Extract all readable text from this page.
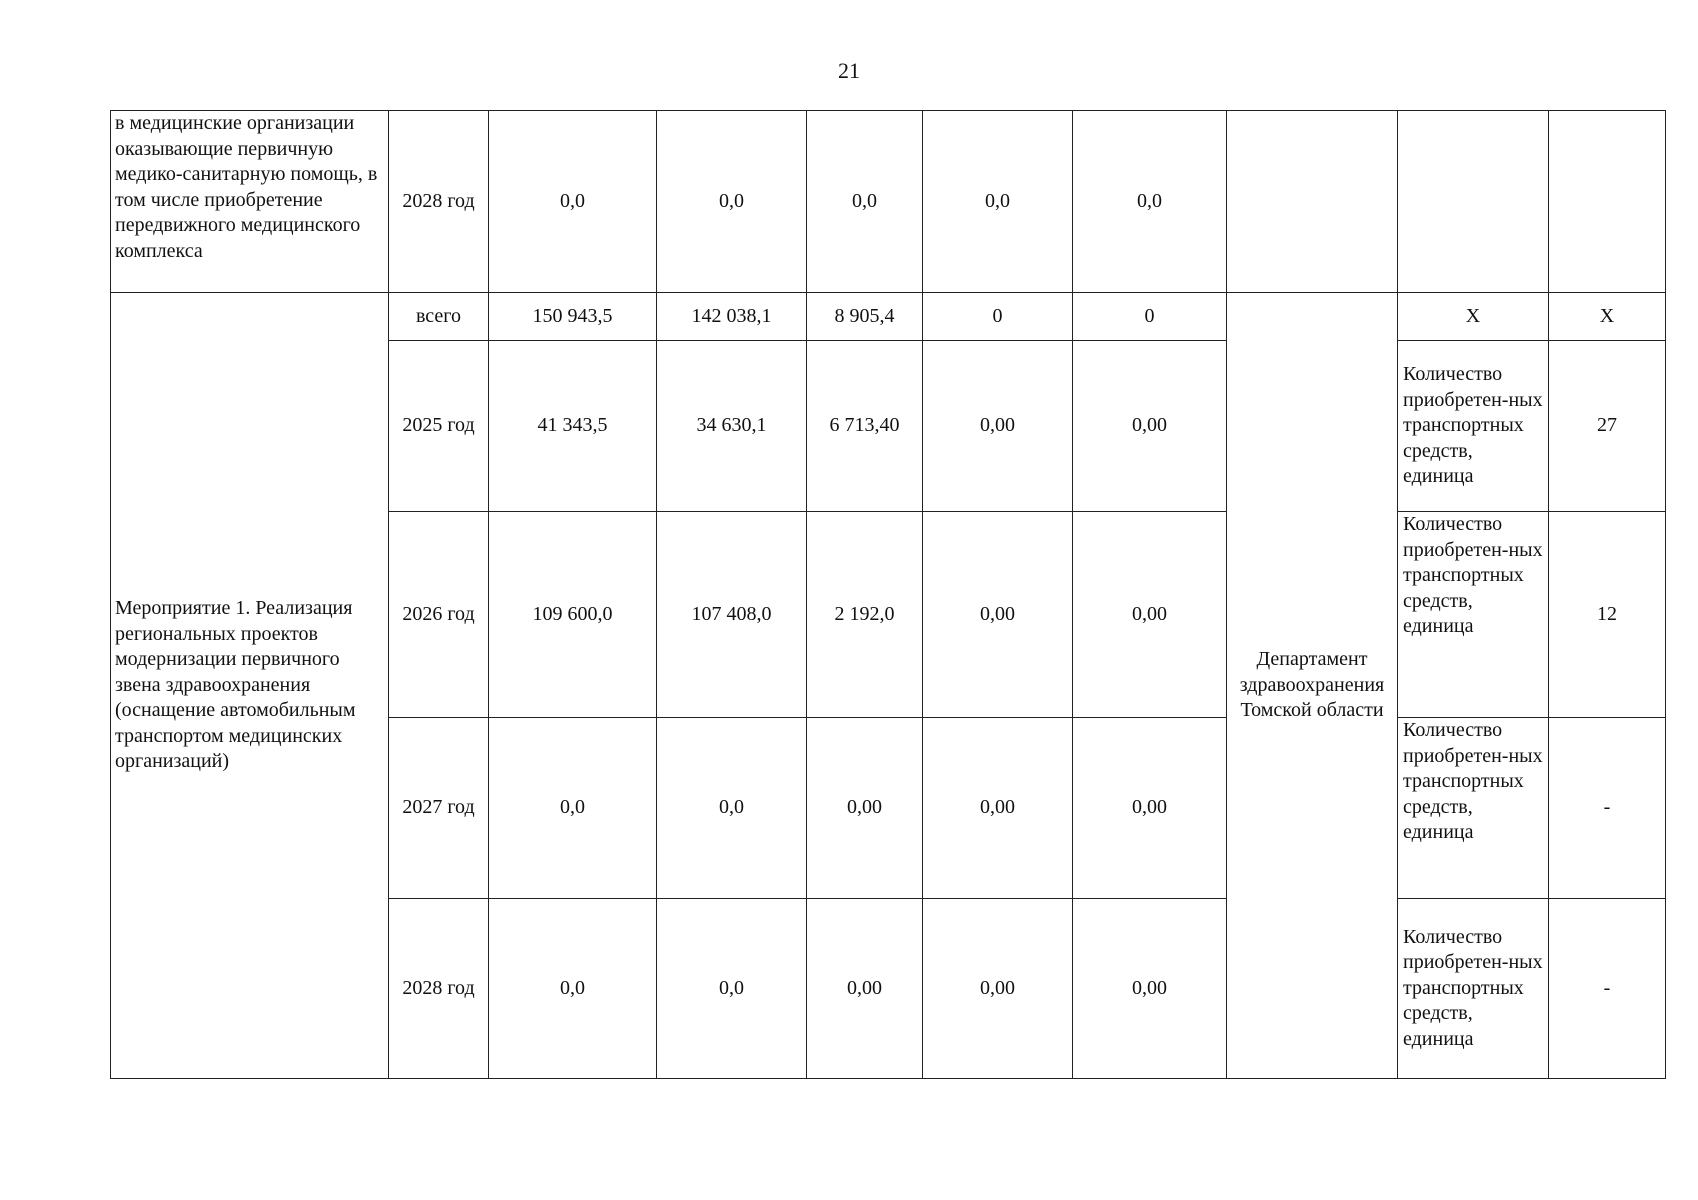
21
в медицинские организации оказывающие первичную медико-санитарную помощь, в том числе приобретение передвижного медицинского комплекса	2028 год	0,0	0,0	0,0	0,0	0,0			
Мероприятие 1. Реализация региональных проектов модернизации первичного звена здравоохранения (оснащение автомобильным транспортом медицинских организаций)	всего	150 943,5	142 038,1	8 905,4	0	0	Департамент здравоохранения Томской области	X	X
	2025 год	41 343,5	34 630,1	6 713,40	0,00	0,00		Количество приобретен-ных транспортных средств, единица	27
	2026 год	109 600,0	107 408,0	2 192,0	0,00	0,00		Количество приобретен-ных транспортных средств, единица	12
	2027 год	0,0	0,0	0,00	0,00	0,00		Количество приобретен-ных транспортных средств, единица	-
	2028 год	0,0	0,0	0,00	0,00	0,00		Количество приобретен-ных транспортных средств, единица	-
